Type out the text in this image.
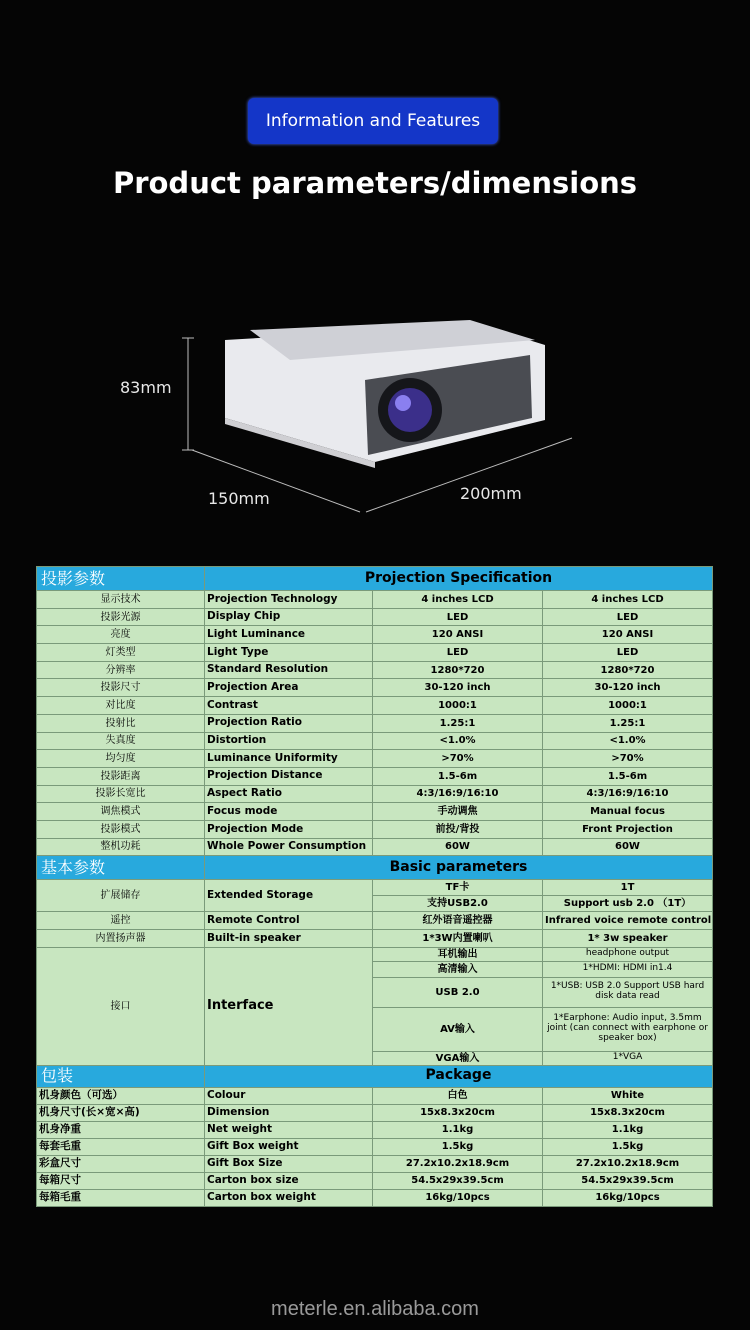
Information and Features
Product parameters/dimensions
83mm
150mm	200mm
投影参数	Projection Specification		
显示技术	Projection Technology	4 inches LCD	4 inches LCD
投影光源	Display Chip	LED	LED
亮度	Light Luminance	120 ANSI	120 ANSI
灯类型	Light Type	LED	LED
分辨率	Standard Resolution	1280*720	1280*720
投影尺寸	Projection Area	30-120 inch	30-120 inch
对比度	Contrast	1000:1	1000:1
投射比	Projection Ratio	1.25:1	1.25:1
失真度	Distortion	<1.0%	<1.0%
均匀度	Luminance Uniformity	>70%	>70%
投影距离	Projection Distance	1.5-6m	1.5-6m
投影长宽比	Aspect Ratio	4:3/16:9/16:10	4:3/16:9/16:10
调焦模式	Focus mode	手动调焦	Manual focus
投影模式	Projection Mode	前投/背投	Front Projection
整机功耗	Whole Power Consumption	60W	60W
基本参数	Basic parameters		
扩展储存	Extended Storage	TF卡	1T
		支持USB2.0	Support usb 2.0 （1T）
遥控	Remote Control	红外语音遥控器	Infrared voice remote control
内置扬声器	Built-in speaker	1*3W内置喇叭	1* 3w speaker
接口	Interface	耳机输出	headphone output
		高清输入	1*HDMI: HDMI in1.4
		USB 2.0	1*USB: USB 2.0 Support USB hard disk data read
		AV输入	1*Earphone: Audio input, 3.5mm joint (can connect with earphone or speaker box)
		VGA输入	1*VGA
包装	Package		
机身颜色（可选）	Colour	白色	White
机身尺寸(长×宽×高)	Dimension	15x8.3x20cm	15x8.3x20cm
机身净重	Net weight	1.1kg	1.1kg
每套毛重	Gift Box weight	1.5kg	1.5kg
彩盒尺寸	Gift Box Size	27.2x10.2x18.9cm	27.2x10.2x18.9cm
每箱尺寸	Carton box size	54.5x29x39.5cm	54.5x29x39.5cm
每箱毛重	Carton box weight	16kg/10pcs	16kg/10pcs
meterle.en.alibaba.com
